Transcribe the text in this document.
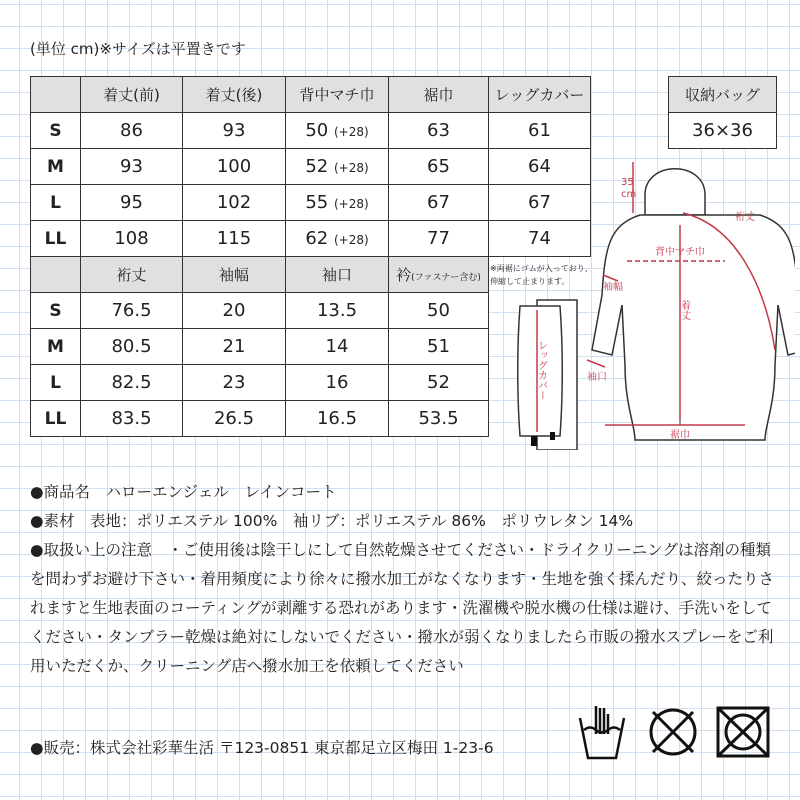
(単位 cm)※サイズは平置きです
	着丈(前)	着丈(後)	背中マチ巾	裾巾	レッグカバー
S	86	93	50 (+28)	63	61
M	93	100	52 (+28)	65	64
L	95	102	55 (+28)	67	67
LL	108	115	62 (+28)	77	74
	裄丈	袖幅	袖口	衿(ファスナー含む)
S	76.5	20	13.5	50
M	80.5	21	14	51
L	82.5	23	16	52
LL	83.5	26.5	16.5	53.5
収納バッグ
36×36
※両裾にゴムが入っており、伸縮して止まります。
レッグカバー
35
cm
裄丈
背中マチ巾
袖幅
着丈
袖口
裾巾

●商品名　ハローエンジェル　レインコート

●素材　表地：ポリエステル 100%　袖リブ：ポリエステル 86%　ポリウレタン 14%

●取扱い上の注意　・ご使用後は陰干しにして自然乾燥させてください・ドライクリーニングは溶剤の種類を問わずお避け下さい・着用頻度により徐々に撥水加工がなくなります・生地を強く揉んだり、絞ったりされますと生地表面のコーティングが剥離する恐れがあります・洗濯機や脱水機の仕様は避け、手洗いをしてください・タンブラー乾燥は絶対にしないでください・撥水が弱くなりましたら市販の撥水スプレーをご利用いただくか、クリーニング店へ撥水加工を依頼してください

●販売：株式会社彩華生活 〒123-0851 東京都足立区梅田 1-23-6
